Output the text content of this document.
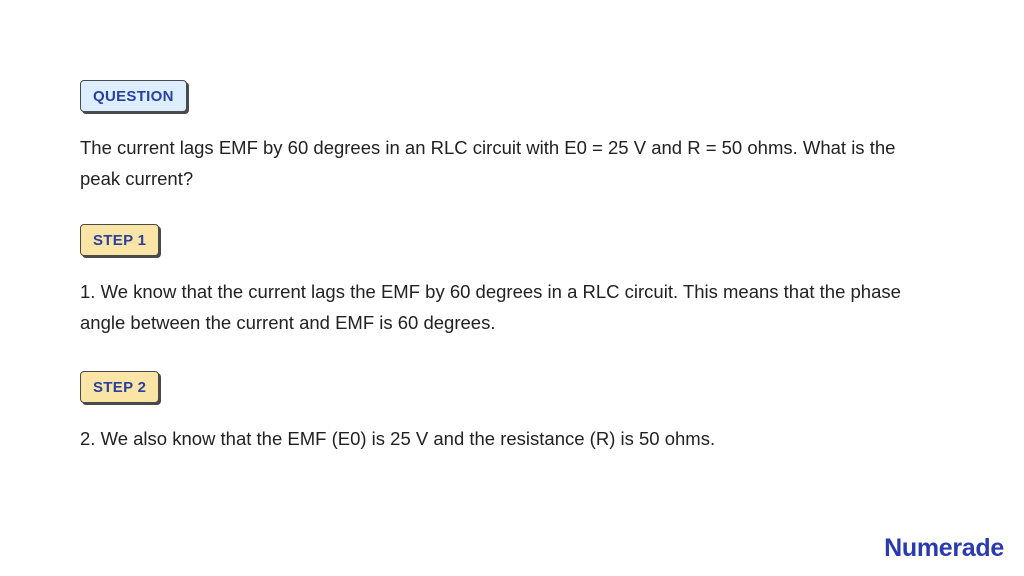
QUESTION

The current lags EMF by 60 degrees in an RLC circuit with E0 = 25 V and R = 50 ohms. What is the peak current?

STEP 1

1. We know that the current lags the EMF by 60 degrees in a RLC circuit. This means that the phase angle between the current and EMF is 60 degrees.

STEP 2

2. We also know that the EMF (E0) is 25 V and the resistance (R) is 50 ohms.

Numerade
